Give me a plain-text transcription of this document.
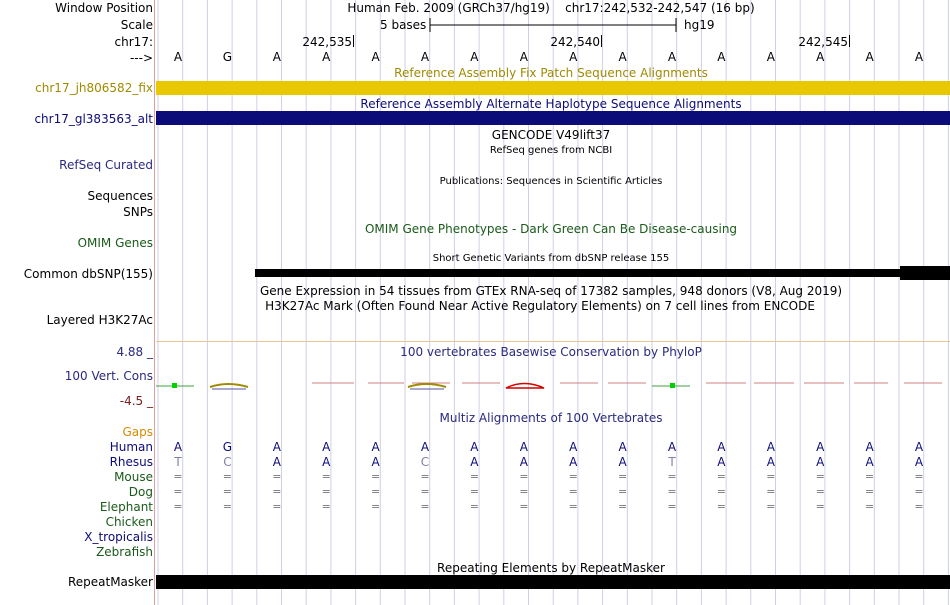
Window Position	Human Feb. 2009 (GRCh37/hg19)    chr17:242,532-242,547 (16 bp)
Scale	5 bases	hg19
chr17:	242,535	242,540	242,545
---> A	G	A	A	A	A	A	A	A	A	A	A	A	A	A	A
Reference Assembly Fix Patch Sequence Alignments
chr17_jh806582_fix
Reference Assembly Alternate Haplotype Sequence Alignments
chr17_gl383563_alt
GENCODE V49lift37
RefSeq genes from NCBI
RefSeq Curated
Publications: Sequences in Scientific Articles
Sequences
SNPs
OMIM Gene Phenotypes - Dark Green Can Be Disease-causing
OMIM Genes
Short Genetic Variants from dbSNP release 155
Common dbSNP(155)
Gene Expression in 54 tissues from GTEx RNA-seq of 17382 samples, 948 donors (V8, Aug 2019)
H3K27Ac Mark (Often Found Near Active Regulatory Elements) on 7 cell lines from ENCODE
Layered H3K27Ac
100 vertebrates Basewise Conservation by PhyloP
4.88 _
100 Vert. Cons
-4.5 _
Multiz Alignments of 100 Vertebrates
Gaps
Human A	G	A	A	A	A	A	A	A	A	A	A	A	A	A	A
Rhesus T	C	A	A	A	C	A	A	A	A	T	A	A	A	A	A
Mouse =	=	=	=	=	=	=	=	=	=	=	=	=	=	=	=
Dog =	=	=	=	=	=	=	=	=	=	=	=	=	=	=	=
Elephant =	=	=	=	=	=	=	=	=	=	=	=	=	=	=	=
Chicken
X_tropicalis
Zebrafish
Repeating Elements by RepeatMasker
RepeatMasker
